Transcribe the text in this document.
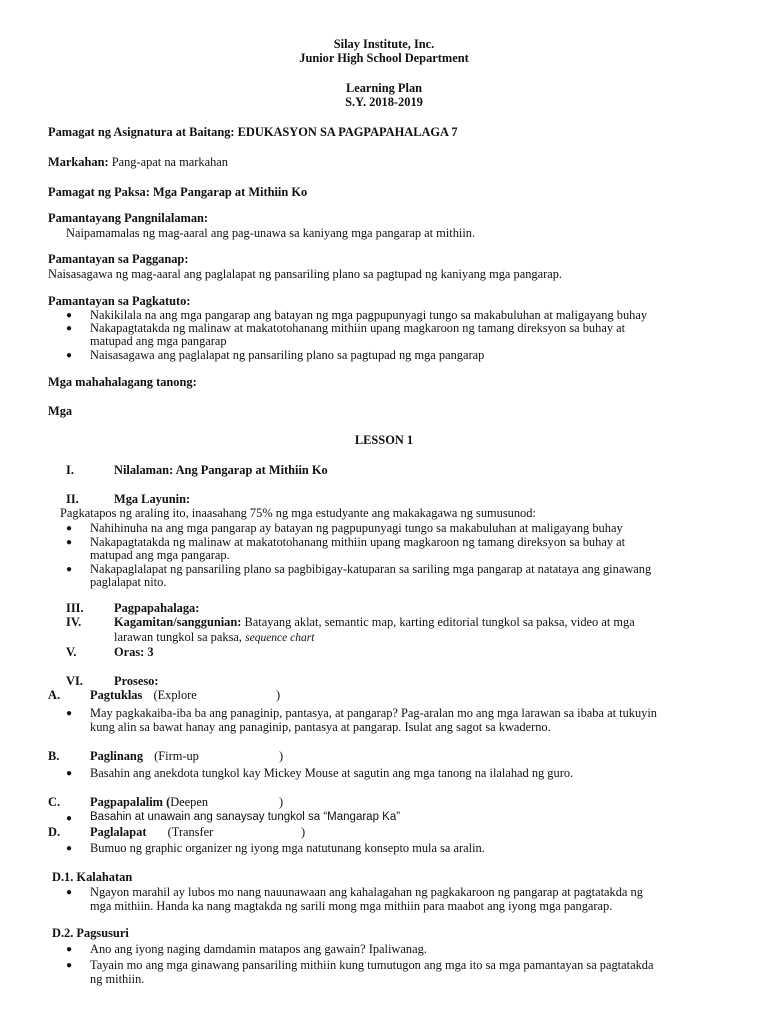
Silay Institute, Inc.
Junior High School Department
Learning Plan
S.Y. 2018-2019
Pamagat ng Asignatura at Baitang: EDUKASYON SA PAGPAPAHALAGA 7
Markahan: Pang-apat na markahan
Pamagat ng Paksa: Mga Pangarap at Mithiin Ko
Pamantayang Pangnilalaman:
Naipamamalas ng mag-aaral ang pag-unawa sa kaniyang mga pangarap at mithiin.
Pamantayan sa Pagganap:
Naisasagawa ng mag-aaral ang paglalapat ng pansariling plano sa pagtupad ng kaniyang mga pangarap.
Pamantayan sa Pagkatuto:
● Nakikilala na ang mga pangarap ang batayan ng mga pagpupunyagi tungo sa makabuluhan at maligayang buhay
● Nakapagtatakda ng malinaw at makatotohanang mithiin upang magkaroon ng tamang direksyon sa buhay at
matupad ang mga pangarap
● Naisasagawa ang paglalapat ng pansariling plano sa pagtupad ng mga pangarap
Mga mahahalagang tanong:
Mga
LESSON 1
I.	Nilalaman: Ang Pangarap at Mithiin Ko
II.	Mga Layunin:
Pagkatapos ng araling ito, inaasahang 75% ng mga estudyante ang makakagawa ng sumusunod:
● Nahihinuha na ang mga pangarap ay batayan ng pagpupunyagi tungo sa makabuluhan at maligayang buhay
● Nakapagtatakda ng malinaw at makatotohanang mithiin upang magkaroon ng tamang direksyon sa buhay at
matupad ang mga pangarap.
● Nakapaglalapat ng pansariling plano sa pagbibigay-katuparan sa sariling mga pangarap at natataya ang ginawang
paglalapat nito.
III. Pagpapahalaga:
IV.	Kagamitan/sanggunian: Batayang aklat, semantic map, karting editorial tungkol sa paksa, video at mga
larawan tungkol sa paksa, sequence chart
V.	Oras: 3
VI.	Proseso:
A. Pagtuklas (Explore	)
● May pagkakaiba-iba ba ang panaginip, pantasya, at pangarap? Pag-aralan mo ang mga larawan sa ibaba at tukuyin
kung alin sa bawat hanay ang panaginip, pantasya at pangarap. Isulat ang sagot sa kwaderno.
B. Paglinang (Firm-up	)
● Basahin ang anekdota tungkol kay Mickey Mouse at sagutin ang mga tanong na ilalahad ng guro.
C. Pagpapalalim (Deepen	)
● Basahin at unawain ang sanaysay tungkol sa “Mangarap Ka”
D. Paglalapat (Transfer	)
● Bumuo ng graphic organizer ng iyong mga natutunang konsepto mula sa aralin.
D.1. Kalahatan
● Ngayon marahil ay lubos mo nang nauunawaan ang kahalagahan ng pagkakaroon ng pangarap at pagtatakda ng
mga mithiin. Handa ka nang magtakda ng sarili mong mga mithiin para maabot ang iyong mga pangarap.
D.2. Pagsusuri
● Ano ang iyong naging damdamin matapos ang gawain? Ipaliwanag.
● Tayain mo ang mga ginawang pansariling mithiin kung tumutugon ang mga ito sa mga pamantayan sa pagtatakda
ng mithiin.
